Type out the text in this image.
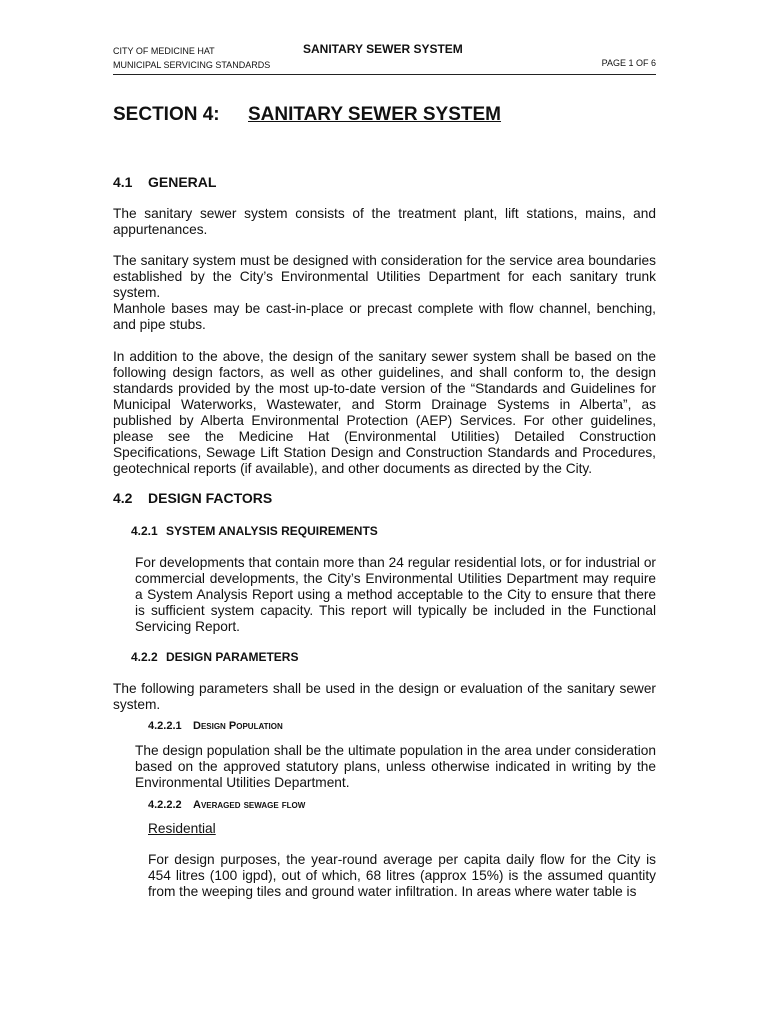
CITY OF MEDICINE HAT
MUNICIPAL SERVICING STANDARDS
SANITARY SEWER SYSTEM
PAGE 1 OF 6
SECTION 4: SANITARY SEWER SYSTEM
4.1 GENERAL
The sanitary sewer system consists of the treatment plant, lift stations, mains, and appurtenances.
The sanitary system must be designed with consideration for the service area boundaries established by the City’s Environmental Utilities Department for each sanitary trunk system.
Manhole bases may be cast-in-place or precast complete with flow channel, benching, and pipe stubs.
In addition to the above, the design of the sanitary sewer system shall be based on the following design factors, as well as other guidelines, and shall conform to, the design standards provided by the most up-to-date version of the “Standards and Guidelines for Municipal Waterworks, Wastewater, and Storm Drainage Systems in Alberta”, as published by Alberta Environmental Protection (AEP) Services. For other guidelines, please see the Medicine Hat (Environmental Utilities) Detailed Construction Specifications, Sewage Lift Station Design and Construction Standards and Procedures, geotechnical reports (if available), and other documents as directed by the City.
4.2 DESIGN FACTORS
4.2.1 SYSTEM ANALYSIS REQUIREMENTS
For developments that contain more than 24 regular residential lots, or for industrial or commercial developments, the City’s Environmental Utilities Department may require a System Analysis Report using a method acceptable to the City to ensure that there is sufficient system capacity. This report will typically be included in the Functional Servicing Report.
4.2.2 DESIGN PARAMETERS
The following parameters shall be used in the design or evaluation of the sanitary sewer system.
4.2.2.1 Design Population
The design population shall be the ultimate population in the area under consideration based on the approved statutory plans, unless otherwise indicated in writing by the Environmental Utilities Department.
4.2.2.2 Averaged sewage flow
Residential
For design purposes, the year-round average per capita daily flow for the City is 454 litres (100 igpd), out of which, 68 litres (approx 15%) is the assumed quantity from the weeping tiles and ground water infiltration. In areas where water table is
